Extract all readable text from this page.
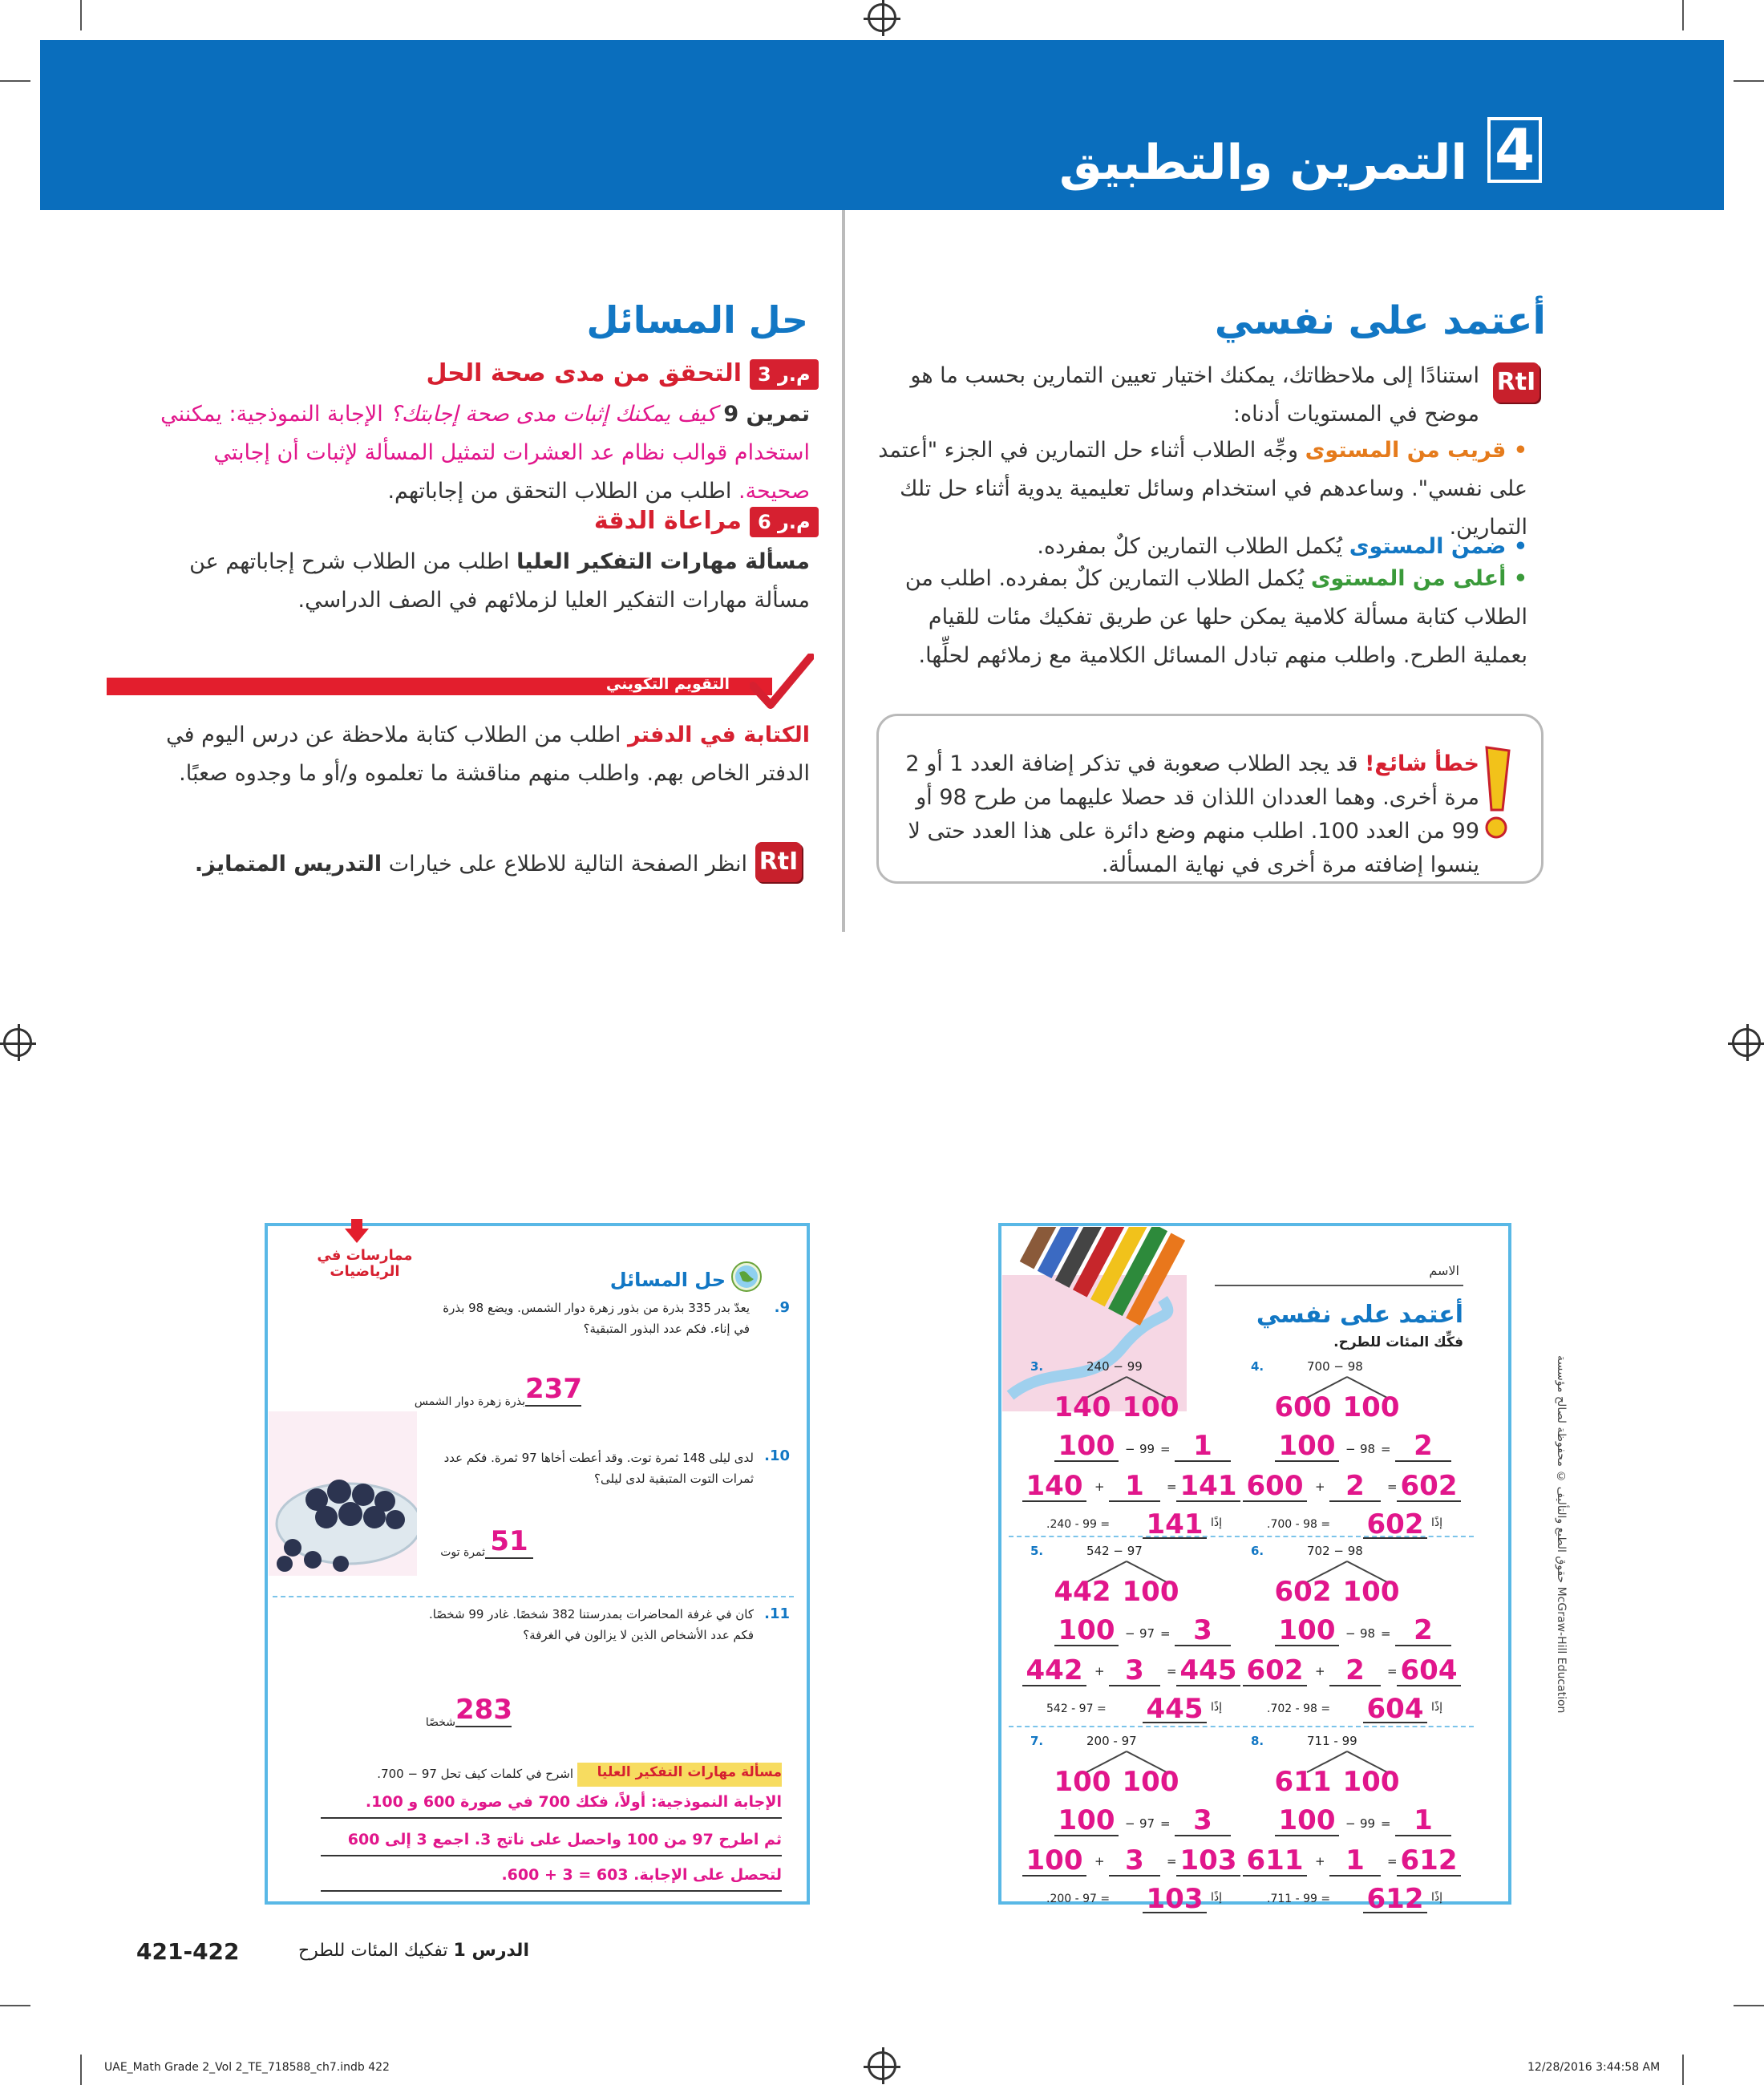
4
التمرين والتطبيق
أعتمد على نفسي
RtI
استنادًا إلى ملاحظاتك، يمكنك اختيار تعيين التمارين بحسب ما هو موضح في المستويات أدناه:
• قريب من المستوى وجِّه الطلاب أثناء حل التمارين في الجزء "أعتمد على نفسي". وساعدهم في استخدام وسائل تعليمية يدوية أثناء حل تلك التمارين.
• ضمن المستوى يُكمل الطلاب التمارين كلٌ بمفرده.
• أعلى من المستوى يُكمل الطلاب التمارين كلٌ بمفرده. اطلب من الطلاب كتابة مسألة كلامية يمكن حلها عن طريق تفكيك مئات للقيام بعملية الطرح. واطلب منهم تبادل المسائل الكلامية مع زملائهم لحلِّها.
خطأ شائع! قد يجد الطلاب صعوبة في تذكر إضافة العدد 1 أو 2 مرة أخرى. وهما العددان اللذان قد حصلا عليهما من طرح 98 أو 99 من العدد 100. اطلب منهم وضع دائرة على هذا العدد حتى لا ينسوا إضافته مرة أخرى في نهاية المسألة.
حل المسائل
م.ر 3
التحقق من مدى صحة الحل
تمرين 9 كيف يمكنك إثبات مدى صحة إجابتك؟ الإجابة النموذجية: يمكنني استخدام قوالب نظام عد العشرات لتمثيل المسألة لإثبات أن إجابتي صحيحة. اطلب من الطلاب التحقق من إجاباتهم.
م.ر 6
مراعاة الدقة
مسألة مهارات التفكير العليا اطلب من الطلاب شرح إجاباتهم عن مسألة مهارات التفكير العليا لزملائهم في الصف الدراسي.
التقويم التكويني
الكتابة في الدفتر اطلب من الطلاب كتابة ملاحظة عن درس اليوم في الدفتر الخاص بهم. واطلب منهم مناقشة ما تعلموه و/أو ما وجدوه صعبًا.
RtI
انظر الصفحة التالية للاطلاع على خيارات التدريس المتمايز.
الاسم
أعتمد على نفسي
فكِّك المئات للطرح.
حقوق الطبع والتأليف © محفوظة لصالح مؤسسة McGraw-Hill Education
3.	240 − 99
140 100
100 − 99 = 1
140 + 1	= 141
إذًا
141
.240 - 99 =
4.	700 − 98
600 100
100 − 98 = 2
600 + 2	= 602
إذًا
602
.700 - 98 =
5.	542 − 97
442 100
100 − 97 = 3
442 + 3	= 445
إذًا
445
542 - 97 =
6.	702 − 98
602 100
100 − 98 = 2
602 + 2	= 604
إذًا
604
.702 - 98 =
7.	200 - 97
100 100
100 − 97 = 3
100 + 3	= 103
إذًا
103
.200 - 97 =
8.	711 - 99
611 100
100 − 99 = 1
611 + 1	= 612
إذًا
612
.711 - 99 =
ممارسات في الرياضيات	حل المسائل
9.
يعدّ بدر 335 بذرة من بذور زهرة دوار الشمس. ويضع 98 بذرة في إناء. فكم عدد البذور المتبقية؟
237
بذرة زهرة دوار الشمس
10.
لدى ليلى 148 ثمرة توت. وقد أعطت أخاها 97 ثمرة. فكم عدد ثمرات التوت المتبقية لدى ليلى؟
51
ثمرة توت
11.
كان في غرفة المحاضرات بمدرستنا 382 شخصًا. غادر 99 شخصًا. فكم عدد الأشخاص الذين لا يزالون في الغرفة؟
283
شخصًا
مسألة مهارات التفكير العليا
اشرح في كلمات كيف تحل 97 − 700.
الإجابة النموذجية: أولاً، فكك 700 في صورة 600 و 100.
ثم اطرح 97 من 100 واحصل على ناتج 3. اجمع 3 إلى 600
لتحصل على الإجابة. 603 = 3 + 600.
421-422	الدرس 1 تفكيك المئات للطرح
UAE_Math Grade 2_Vol 2_TE_718588_ch7.indb 422	12/28/2016 3:44:58 AM
